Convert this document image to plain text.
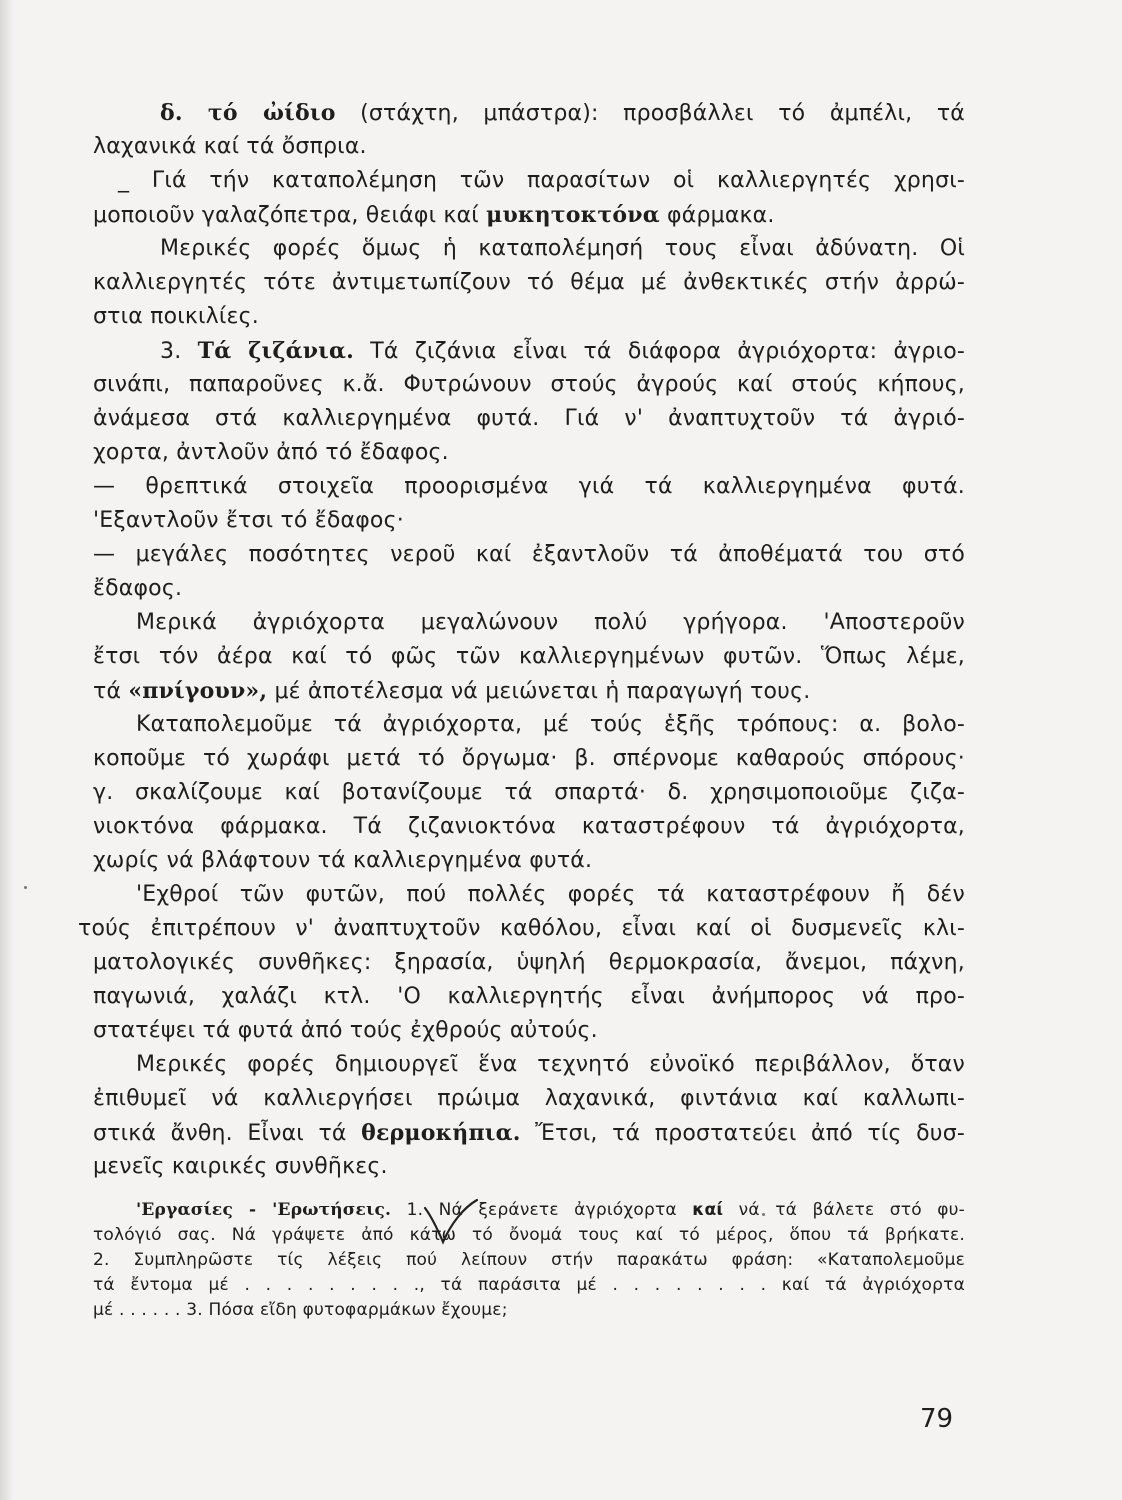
δ. τό ὠίδιο (στάχτη, μπάστρα): προσβάλλει τό ἀμπέλι, τά
λαχανικά καί τά ὄσπρια.
_ Γιά τήν καταπολέμηση τῶν παρασίτων οἱ καλλιεργητές χρησι-
μοποιοῦν γαλαζόπετρα, θειάφι καί μυκητοκτόνα φάρμακα.
Μερικές φορές ὅμως ἡ καταπολέμησή τους εἶναι ἀδύνατη. Οἱ
καλλιεργητές τότε ἀντιμετωπίζουν τό θέμα μέ ἀνθεκτικές στήν ἀρρώ-
στια ποικιλίες.
3. Τά ζιζάνια. Τά ζιζάνια εἶναι τά διάφορα ἀγριόχορτα: ἀγριο-
σινάπι, παπαροῦνες κ.ἄ. Φυτρώνουν στούς ἀγρούς καί στούς κήπους,
ἀνάμεσα στά καλλιεργημένα φυτά. Γιά ν' ἀναπτυχτοῦν τά ἀγριό-
χορτα, ἀντλοῦν ἀπό τό ἔδαφος.
— θρεπτικά στοιχεῖα προορισμένα γιά τά καλλιεργημένα φυτά.
'Εξαντλοῦν ἔτσι τό ἔδαφος·
— μεγάλες ποσότητες νεροῦ καί ἐξαντλοῦν τά ἀποθέματά του στό
ἔδαφος.
Μερικά ἀγριόχορτα μεγαλώνουν πολύ γρήγορα. 'Αποστεροῦν
ἔτσι τόν ἀέρα καί τό φῶς τῶν καλλιεργημένων φυτῶν. Ὅπως λέμε,
τά «πνίγουν», μέ ἀποτέλεσμα νά μειώνεται ἡ παραγωγή τους.
Καταπολεμοῦμε τά ἀγριόχορτα, μέ τούς ἑξῆς τρόπους: α. βολο-
κοποῦμε τό χωράφι μετά τό ὄργωμα· β. σπέρνομε καθαρούς σπόρους·
γ. σκαλίζουμε καί βοτανίζουμε τά σπαρτά· δ. χρησιμοποιοῦμε ζιζα-
νιοκτόνα φάρμακα. Τά ζιζανιοκτόνα καταστρέφουν τά ἀγριόχορτα,
χωρίς νά βλάφτουν τά καλλιεργημένα φυτά.
'Εχθροί τῶν φυτῶν, πού πολλές φορές τά καταστρέφουν ἤ δέν
τούς ἐπιτρέπουν ν' ἀναπτυχτοῦν καθόλου, εἶναι καί οἱ δυσμενεῖς κλι-
ματολογικές συνθῆκες: ξηρασία, ὑψηλή θερμοκρασία, ἄνεμοι, πάχνη,
παγωνιά, χαλάζι κτλ. 'Ο καλλιεργητής εἶναι ἀνήμπορος νά προ-
στατέψει τά φυτά ἀπό τούς ἐχθρούς αὐτούς.
Μερικές φορές δημιουργεῖ ἕνα τεχνητό εὐνοϊκό περιβάλλον, ὅταν
ἐπιθυμεῖ νά καλλιεργήσει πρώιμα λαχανικά, φιντάνια καί καλλωπι-
στικά ἄνθη. Εἶναι τά θερμοκήπια. Ἔτσι, τά προστατεύει ἀπό τίς δυσ-
μενεῖς καιρικές συνθῆκες.
'Εργασίες - 'Ερωτήσεις. 1. Νά ξεράνετε ἀγριόχορτα καί νά τά βάλετε στό φυ-
τολόγιό σας. Νά γράψετε ἀπό κάτω τό ὄνομά τους καί τό μέρος, ὅπου τά βρήκατε.
2. Συμπληρῶστε τίς λέξεις πού λείπουν στήν παρακάτω φράση: «Καταπολεμοῦμε
τά ἔντομα μέ . . . . . . . . ., τά παράσιτα μέ . . . . . . . . καί τά ἀγριόχορτα
μέ . . . . . . 3. Πόσα εἴδη φυτοφαρμάκων ἔχουμε;
79
